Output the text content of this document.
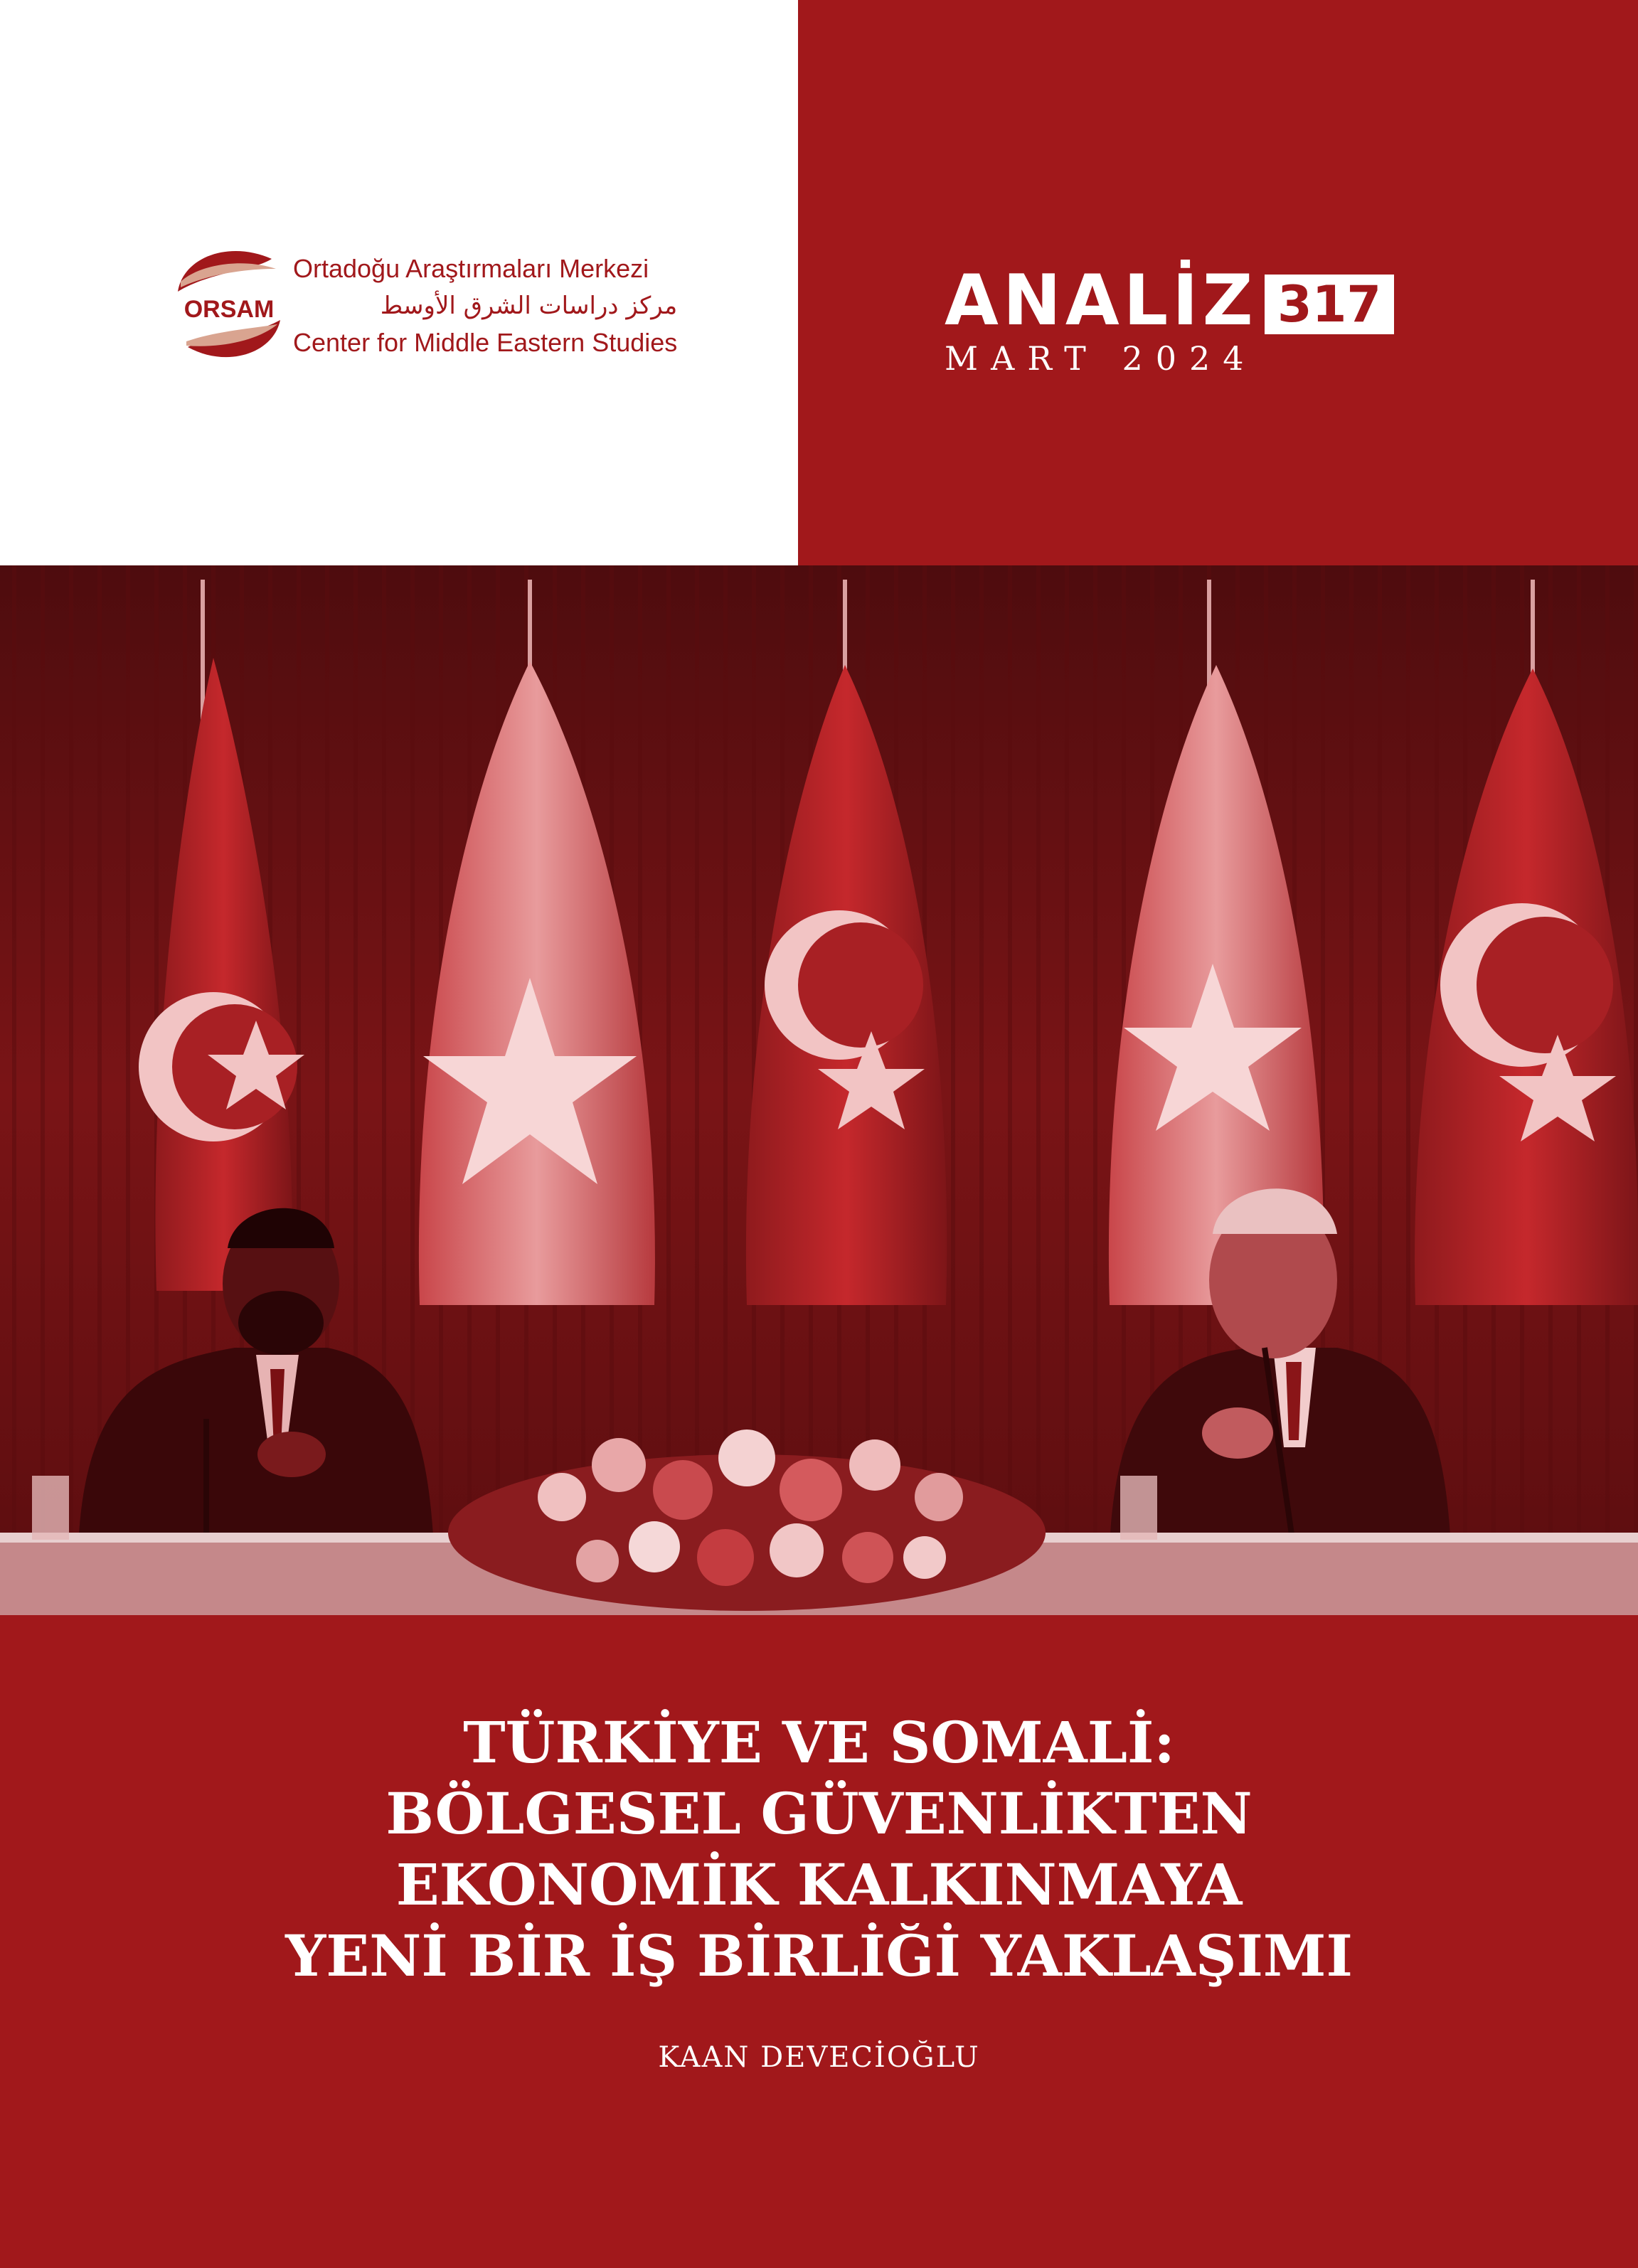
ORSAM
Ortadoğu Araştırmaları Merkezi
مركز دراسات الشرق الأوسط
Center for Middle Eastern Studies
ANALİZ 317
MART 2024
TÜRKİYE VE SOMALİ:
BÖLGESEL GÜVENLİKTEN
EKONOMİK KALKINMAYA
YENİ BİR İŞ BİRLİĞİ YAKLAŞIMI
KAAN DEVECİOĞLU
